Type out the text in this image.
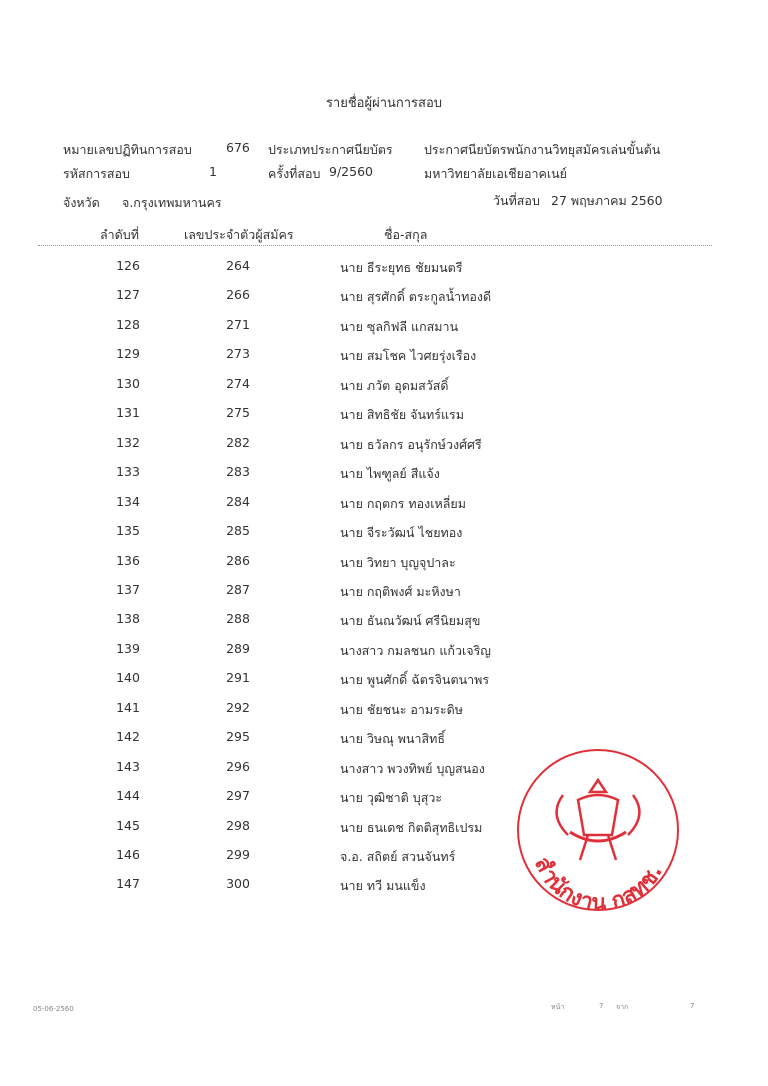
รายชื่อผู้ผ่านการสอบ
หมายเลขปฏิทินการสอบ	676 ประเภทประกาศนียบัตร	ประกาศนียบัตรพนักงานวิทยุสมัครเล่นขั้นต้น
รหัสการสอบ	1	ครั้งที่สอบ 9/2560	มหาวิทยาลัยเอเชียอาคเนย์
จังหวัด จ.กรุงเทพมหานคร	วันที่สอบ 27 พฤษภาคม 2560
ลำดับที่	เลขประจำตัวผู้สมัคร	ชื่อ-สกุล
126	264	นาย ธีระยุทธ ชัยมนตรี
127	266	นาย สุรศักดิ์ ตระกูลน้ำทองดี
128	271	นาย ซุลกิฟลี แกสมาน
129	273	นาย สมโชค ไวศยรุ่งเรือง
130	274	นาย ภวัต อุดมสวัสดิ์
131	275	นาย สิทธิชัย จันทร์แรม
132	282	นาย ธวัลกร อนุรักษ์วงศ์ศรี
133	283	นาย ไพฑูลย์ สีแจ้ง
134	284	นาย กฤตกร ทองเหลี่ยม
135	285	นาย จีระวัฒน์ ไชยทอง
136	286	นาย วิทยา บุญจุปาละ
137	287	นาย กฤติพงศ์ มะหิงษา
138	288	นาย ธันณวัฒน์ ศรีนิยมสุข
139	289	นางสาว กมลชนก แก้วเจริญ
140	291	นาย พูนศักดิ์ ฉัตรจินตนาพร
141	292	นาย ชัยชนะ อามระดิษ
142	295	นาย วิษณุ พนาสิทธิ์
143	296	นางสาว พวงทิพย์ บุญสนอง
144	297	นาย วุฒิชาติ บุสุวะ
145	298	นาย ธนเดช กิตติสุทธิเปรม
146	299	จ.อ. สถิตย์ สวนจันทร์
147	300	นาย ทวี มนแข็ง	สำนักงาน กสทช.
05-06-2560	หน้า	7 จาก	7
